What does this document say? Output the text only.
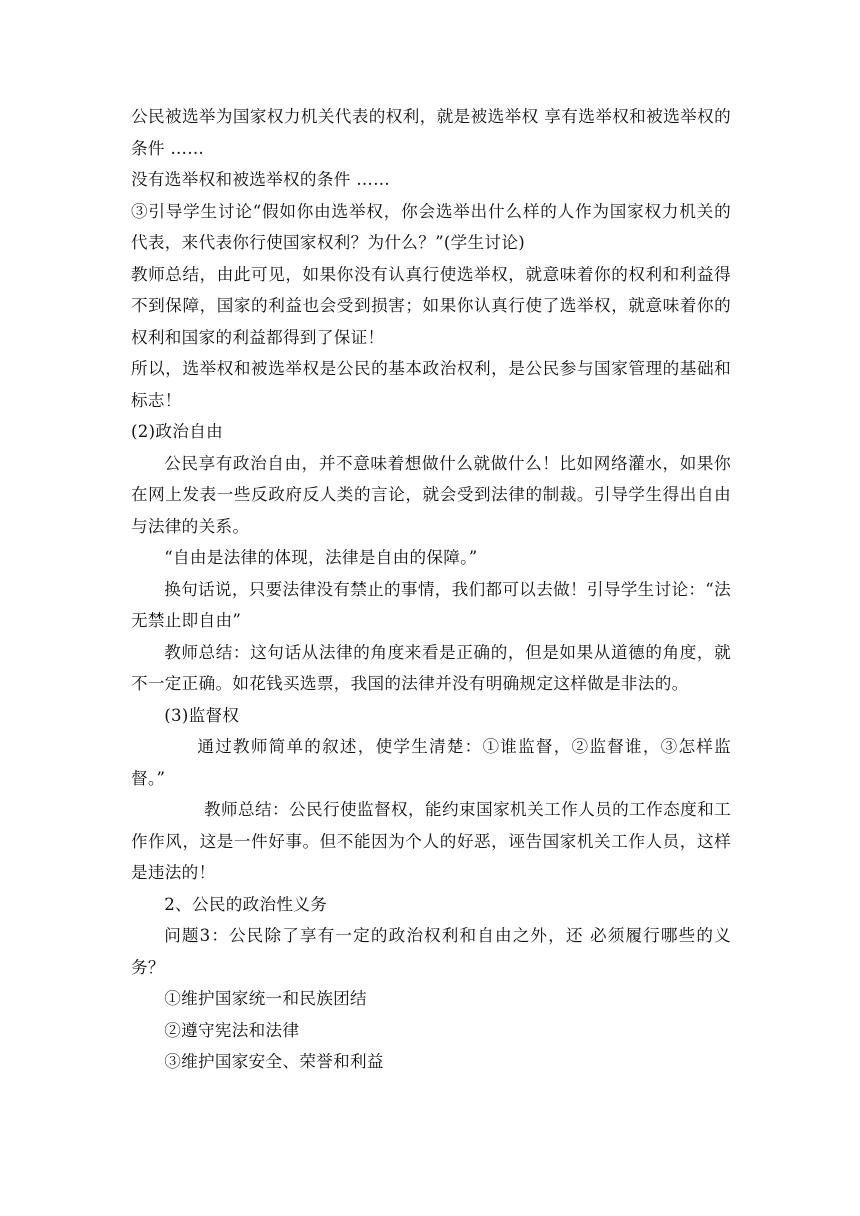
公民被选举为国家权力机关代表的权利，就是被选举权 享有选举权和被选举权的条件 ……

没有选举权和被选举权的条件 ……

③引导学生讨论“假如你由选举权，你会选举出什么样的人作为国家权力机关的代表，来代表你行使国家权利？为什么？”(学生讨论)

教师总结，由此可见，如果你没有认真行使选举权，就意味着你的权利和利益得不到保障，国家的利益也会受到损害；如果你认真行使了选举权，就意味着你的权利和国家的利益都得到了保证！

所以，选举权和被选举权是公民的基本政治权利，是公民参与国家管理的基础和标志！

(2)政治自由

公民享有政治自由，并不意味着想做什么就做什么！比如网络灌水，如果你在网上发表一些反政府反人类的言论，就会受到法律的制裁。引导学生得出自由与法律的关系。

“自由是法律的体现，法律是自由的保障。”

换句话说，只要法律没有禁止的事情，我们都可以去做！引导学生讨论：“法无禁止即自由”

教师总结：这句话从法律的角度来看是正确的，但是如果从道德的角度，就不一定正确。如花钱买选票，我国的法律并没有明确规定这样做是非法的。

(3)监督权

通过教师简单的叙述，使学生清楚：①谁监督，②监督谁，③怎样监督。”

教师总结：公民行使监督权，能约束国家机关工作人员的工作态度和工作作风，这是一件好事。但不能因为个人的好恶，诬告国家机关工作人员，这样是违法的！

2、公民的政治性义务

问题3：公民除了享有一定的政治权利和自由之外，还 必须履行哪些的义务？

①维护国家统一和民族团结

②遵守宪法和法律

③维护国家安全、荣誉和利益
